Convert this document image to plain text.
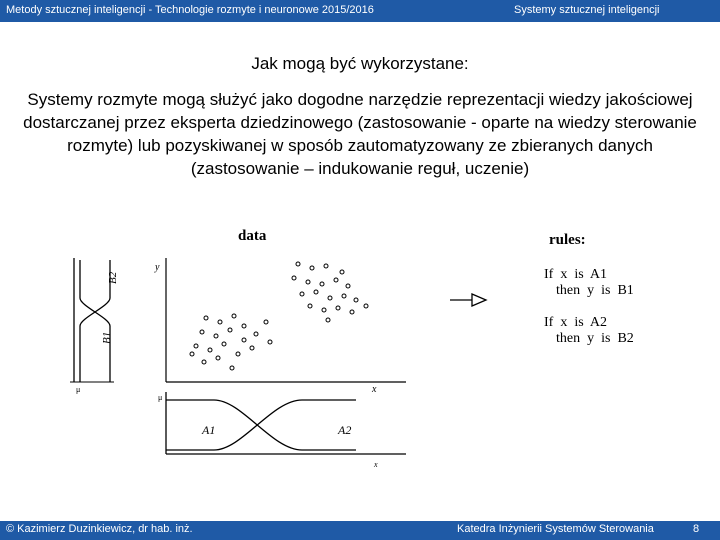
Metody sztucznej inteligencji - Technologie rozmyte i neuronowe 2015/2016	Systemy sztucznej inteligencji
Jak mogą być wykorzystane:
Systemy rozmyte mogą służyć jako dogodne narzędzie reprezentacji wiedzy jakościowej dostarczanej przez eksperta dziedzinowego (zastosowanie - oparte na wiedzy sterowanie rozmyte) lub pozyskiwanej w sposób zautomatyzowany ze zbieranych danych (zastosowanie – indukowanie reguł, uczenie)
data	rules:
B1
B2
μ
y
x
μ
A1	A2
x
If  x  is  A1
then  y  is  B1
If  x  is  A2
then  y  is  B2
© Kazimierz Duzinkiewicz, dr hab. inż.	Katedra Inżynierii Systemów Sterowania	8
